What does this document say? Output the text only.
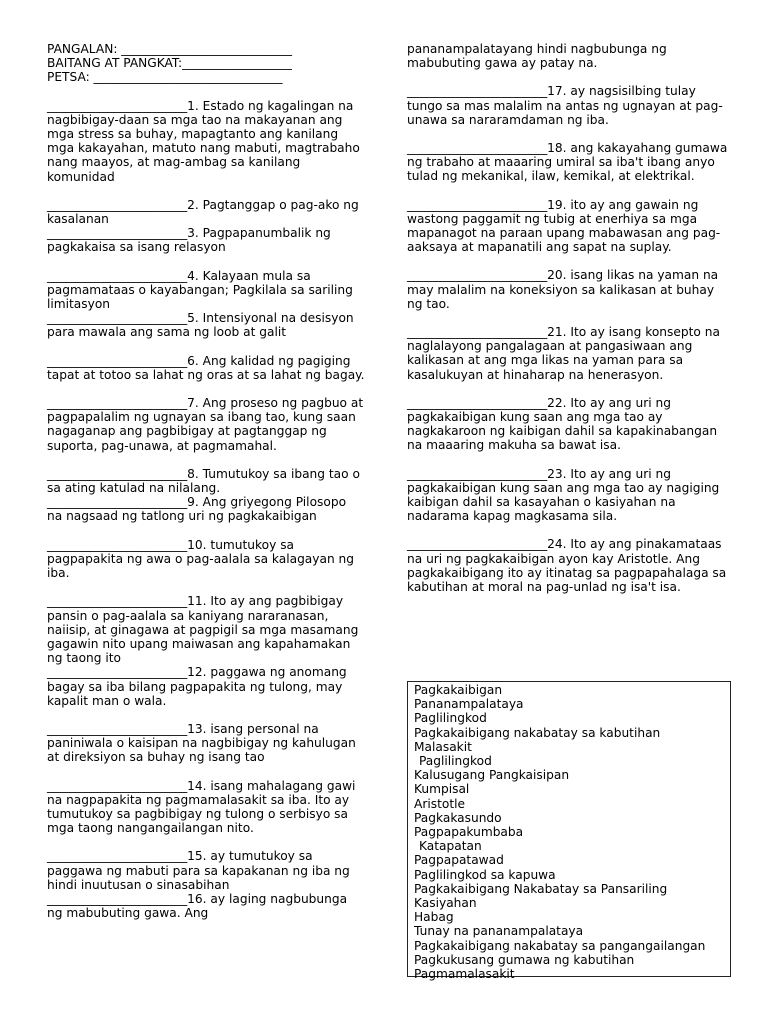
PANGALAN: ____________________________
BAITANG AT PANGKAT:__________________
PETSA: _______________________________
_______________________1. Estado ng kagalingan na nagbibigay-daan sa mga tao na makayanan ang mga stress sa buhay, mapagtanto ang kanilang mga kakayahan, matuto nang mabuti, magtrabaho nang maayos, at mag-ambag sa kanilang komunidad
_______________________2. Pagtanggap o pag-ako ng kasalanan
_______________________3. Pagpapanumbalik ng pagkakaisa sa isang relasyon
_______________________4. Kalayaan mula sa pagmamataas o kayabangan; Pagkilala sa sariling limitasyon
_______________________5. Intensiyonal na desisyon para mawala ang sama ng loob at galit
_______________________6. Ang kalidad ng pagiging tapat at totoo sa lahat ng oras at sa lahat ng bagay.
_______________________7. Ang proseso ng pagbuo at pagpapalalim ng ugnayan sa ibang tao, kung saan nagaganap ang pagbibigay at pagtanggap ng suporta, pag-unawa, at pagmamahal.
_______________________8. Tumutukoy sa ibang tao o sa ating katulad na nilalang.
_______________________9. Ang griyegong Pilosopo na nagsaad ng tatlong uri ng pagkakaibigan
_______________________10. tumutukoy sa pagpapakita ng awa o pag-aalala sa kalagayan ng iba.
_______________________11. Ito ay ang pagbibigay pansin o pag-aalala sa kaniyang nararanasan, naiisip, at ginagawa at pagpigil sa mga masamang gagawin nito upang maiwasan ang kapahamakan ng taong ito
_______________________12. paggawa ng anomang bagay sa iba bilang pagpapakita ng tulong, may kapalit man o wala.
_______________________13. isang personal na paniniwala o kaisipan na nagbibigay ng kahulugan at direksiyon sa buhay ng isang tao
_______________________14. isang mahalagang gawi na nagpapakita ng pagmamalasakit sa iba. Ito ay tumutukoy sa pagbibigay ng tulong o serbisyo sa mga taong nangangailangan nito.
_______________________15. ay tumutukoy sa paggawa ng mabuti para sa kapakanan ng iba ng hindi inuutusan o sinasabihan
_______________________16. ay laging nagbubunga ng mabubuting gawa. Ang
pananampalatayang hindi nagbubunga ng mabubuting gawa ay patay na.
_______________________17. ay nagsisilbing tulay tungo sa mas malalim na antas ng ugnayan at pag-unawa sa nararamdaman ng iba.
_______________________18. ang kakayahang gumawa ng trabaho at maaaring umiral sa iba't ibang anyo tulad ng mekanikal, ilaw, kemikal, at elektrikal.
_______________________19. ito ay ang gawain ng wastong paggamit ng tubig at enerhiya sa mga mapanagot na paraan upang mabawasan ang pag-aaksaya at mapanatili ang sapat na suplay.
_______________________20. isang likas na yaman na may malalim na koneksiyon sa kalikasan at buhay ng tao.
_______________________21. Ito ay isang konsepto na naglalayong pangalagaan at pangasiwaan ang kalikasan at ang mga likas na yaman para sa kasalukuyan at hinaharap na henerasyon.
_______________________22. Ito ay ang uri ng pagkakaibigan kung saan ang mga tao ay nagkakaroon ng kaibigan dahil sa kapakinabangan na maaaring makuha sa bawat isa.
_______________________23. Ito ay ang uri ng pagkakaibigan kung saan ang mga tao ay nagiging kaibigan dahil sa kasayahan o kasiyahan na nadarama kapag magkasama sila.
_______________________24. Ito ay ang pinakamataas na uri ng pagkakaibigan ayon kay Aristotle. Ang pagkakaibigang ito ay itinatag sa pagpapahalaga sa kabutihan at moral na pag-unlad ng isa't isa.
Pagkakaibigan
Pananampalataya
Paglilingkod
Pagkakaibigang nakabatay sa kabutihan
Malasakit
Paglilingkod
Kalusugang Pangkaisipan
Kumpisal
Aristotle
Pagkakasundo
Pagpapakumbaba
Katapatan
Pagpapatawad
Paglilingkod sa kapuwa
Pagkakaibigang Nakabatay sa Pansariling
Kasiyahan
Habag
Tunay na pananampalataya
Pagkakaibigang nakabatay sa pangangailangan
Pagkukusang gumawa ng kabutihan
Pagmamalasakit
